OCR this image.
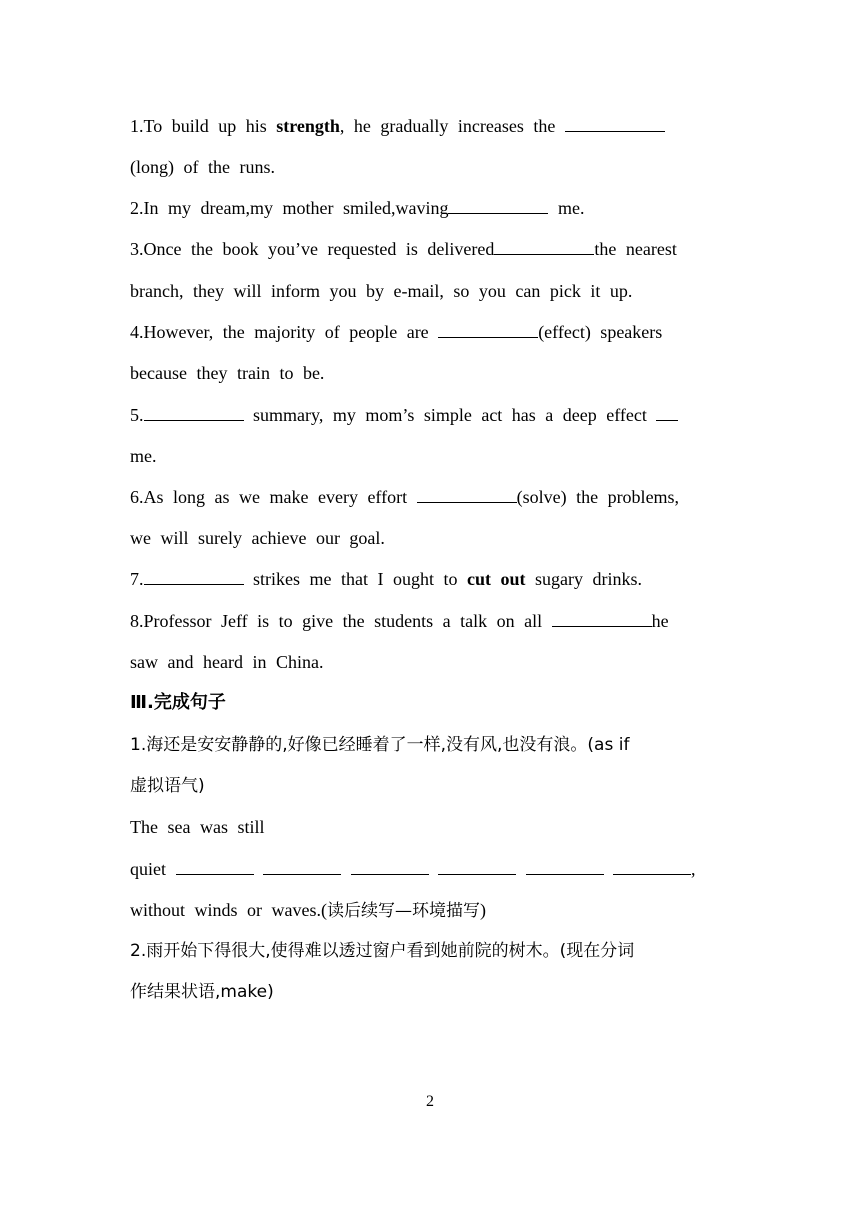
1.To build up his strength, he gradually increases the
(long) of the runs.
2.In my dream,my mother smiled,waving	me.
3.Once the book you’ve requested is delivered	the nearest
branch, they will inform you by e-mail, so you can pick it up.
4.However, the majority of people are	(effect) speakers
because they train to be.
5.	summary, my mom’s simple act has a deep effect
me.
6.As long as we make every effort	(solve) the problems,
we will surely achieve our goal.
7.	strikes me that I ought to cut out sugary drinks.
8.Professor Jeff is to give the students a talk on all	he
saw and heard in China.
Ⅲ.完成句子
1.海还是安安静静的,好像已经睡着了一样,没有风,也没有浪。(as if
虚拟语气)
The sea was still
quiet	,
without winds or waves.(读后续写—环境描写)
2.雨开始下得很大,使得难以透过窗户看到她前院的树木。(现在分词
作结果状语,make)
2
